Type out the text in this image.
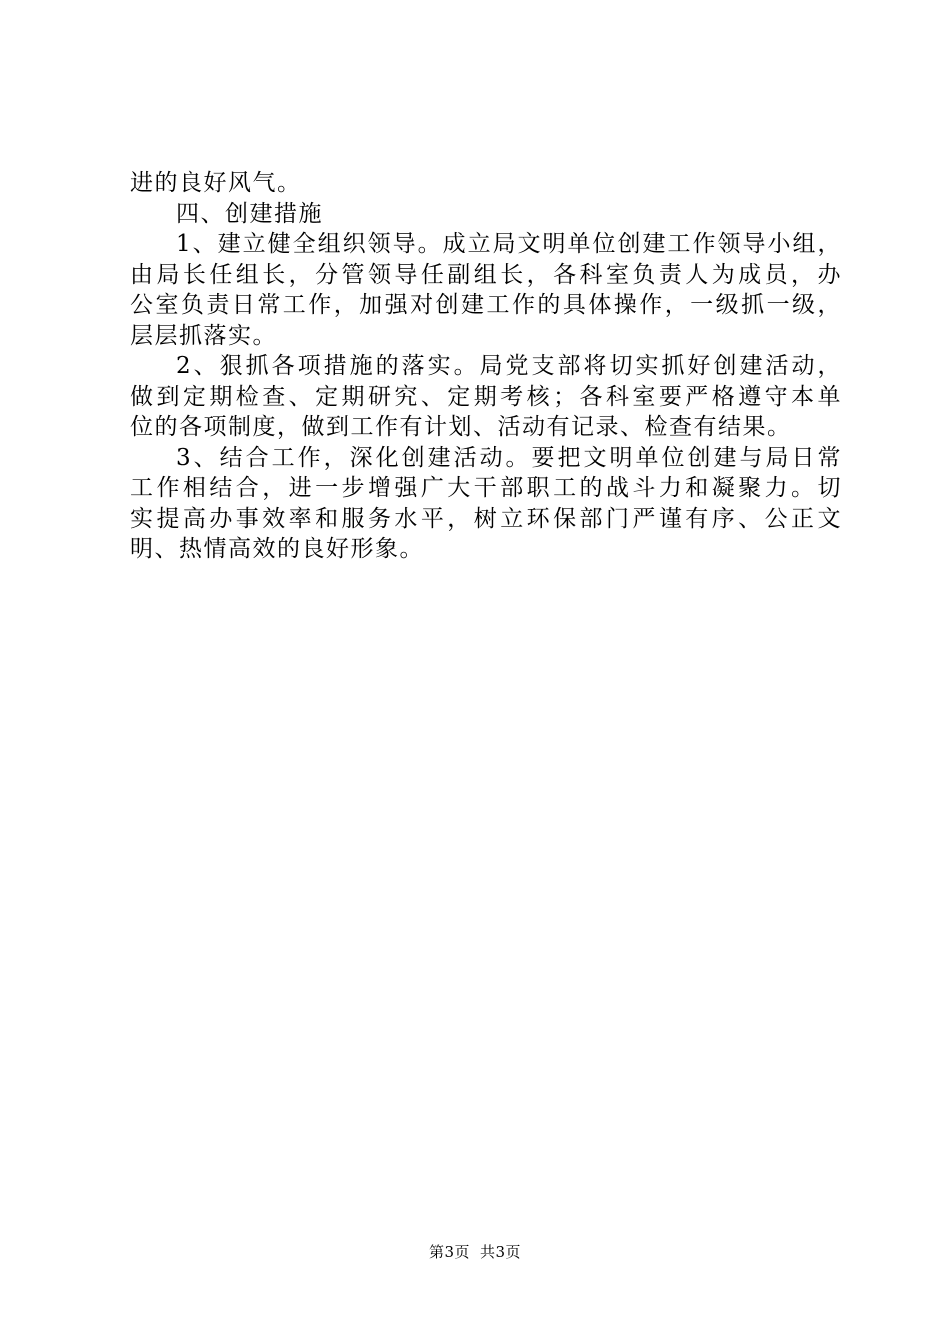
进的良好风气。
四、创建措施
1、建立健全组织领导。成立局文明单位创建工作领导小组，
由局长任组长，分管领导任副组长，各科室负责人为成员，办
公室负责日常工作，加强对创建工作的具体操作，一级抓一级，
层层抓落实。
2、狠抓各项措施的落实。局党支部将切实抓好创建活动，
做到定期检查、定期研究、定期考核；各科室要严格遵守本单
位的各项制度，做到工作有计划、活动有记录、检查有结果。
3、结合工作，深化创建活动。要把文明单位创建与局日常
工作相结合，进一步增强广大干部职工的战斗力和凝聚力。切
实提高办事效率和服务水平，树立环保部门严谨有序、公正文
明、热情高效的良好形象。
第3页 共3页
